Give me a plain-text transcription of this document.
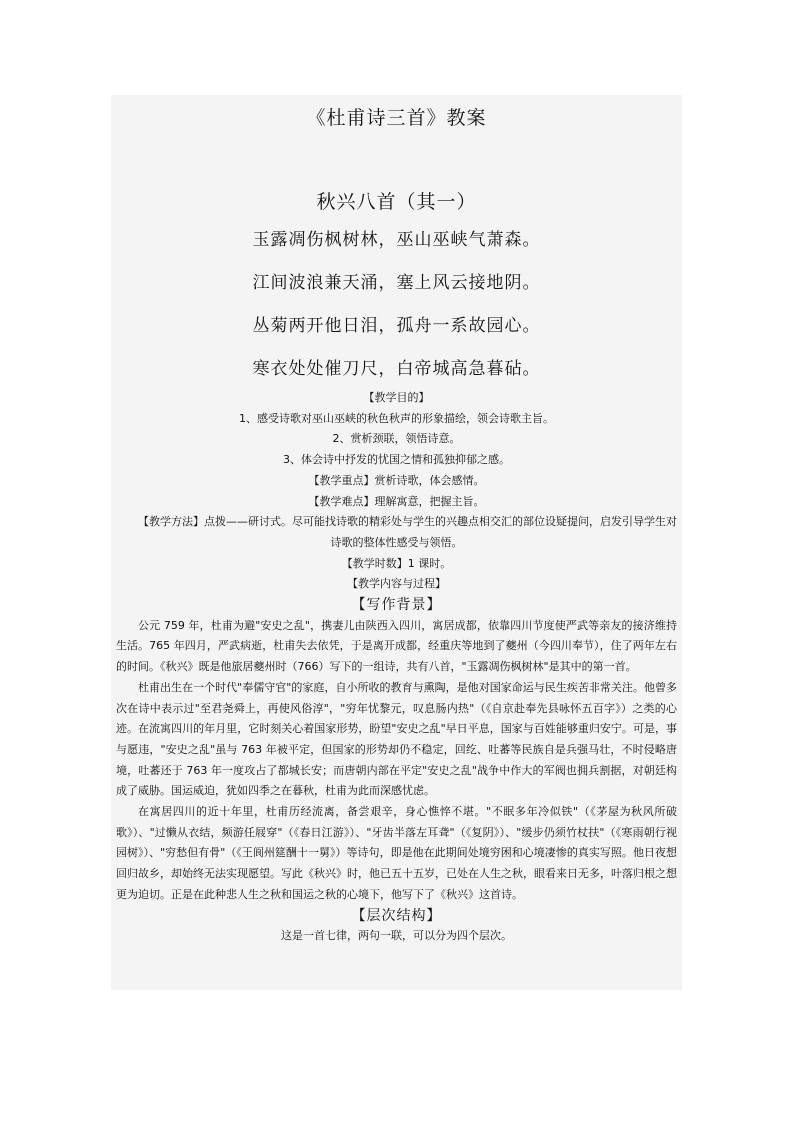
《杜甫诗三首》教案
秋兴八首（其一）
玉露凋伤枫树林，巫山巫峡气萧森。
江间波浪兼天涌，塞上风云接地阴。
丛菊两开他日泪，孤舟一系故园心。
寒衣处处催刀尺，白帝城高急暮砧。
【教学目的】
1、感受诗歌对巫山巫峡的秋色秋声的形象描绘，领会诗歌主旨。
2、赏析颈联，领悟诗意。
3、体会诗中抒发的忧国之情和孤独抑郁之感。
【教学重点】赏析诗歌，体会感情。
【教学难点】理解寓意，把握主旨。
【教学方法】点拨——研讨式。尽可能找诗歌的精彩处与学生的兴趣点相交汇的部位设疑提问，启发引导学生对诗歌的整体性感受与领悟。
【教学时数】1 课时。
【教学内容与过程】
【写作背景】
公元 759 年，杜甫为避"安史之乱"，携妻儿由陕西入四川，寓居成都，依靠四川节度使严武等亲友的接济维持生活。765 年四月，严武病逝，杜甫失去依凭，于是离开成都，经重庆等地到了夔州（今四川奉节），住了两年左右的时间。《秋兴》既是他旅居夔州时（766）写下的一组诗，共有八首，"玉露凋伤枫树林"是其中的第一首。
杜甫出生在一个时代"奉儒守官"的家庭，自小所收的教育与熏陶，是他对国家命运与民生疾苦非常关注。他曾多次在诗中表示过"至君尧舜上，再使风俗淳"，"穷年忧黎元，叹息肠内热"（《自京赴奉先县咏怀五百字》）之类的心迹。在流寓四川的年月里，它时刻关心着国家形势，盼望"安史之乱"早日平息，国家与百姓能够重归安宁。可是，事与愿违，"安史之乱"虽与 763 年被平定，但国家的形势却仍不稳定，回纥、吐蕃等民族自是兵强马壮，不时侵略唐境，吐蕃还于 763 年一度攻占了都城长安；而唐朝内部在平定"安史之乱"战争中作大的军阀也拥兵割据，对朝廷构成了威胁。国运威迫，犹如四季之在暮秋，杜甫为此而深感忧虑。
在寓居四川的近十年里，杜甫历经流离，备尝艰辛，身心憔悴不堪。"不眠多年冷似铁"（《茅屋为秋风所破歌》）、"过懒从衣结，频游任屐穿"（《春日江游》）、"牙齿半落左耳聋"（《复阴》）、"缓步仍须竹杖扶"（《寒雨朝行视园树》）、"穷愁但有骨"（《王阆州筵酬十一舅》）等诗句，即是他在此期间处境穷困和心境凄惨的真实写照。他日夜想回归故乡，却始终无法实现愿望。写此《秋兴》时，他已五十五岁，已处在人生之秋，眼看来日无多，叶落归根之想更为迫切。正是在此种悲人生之秋和国运之秋的心境下，他写下了《秋兴》这首诗。
【层次结构】
这是一首七律，两句一联，可以分为四个层次。
